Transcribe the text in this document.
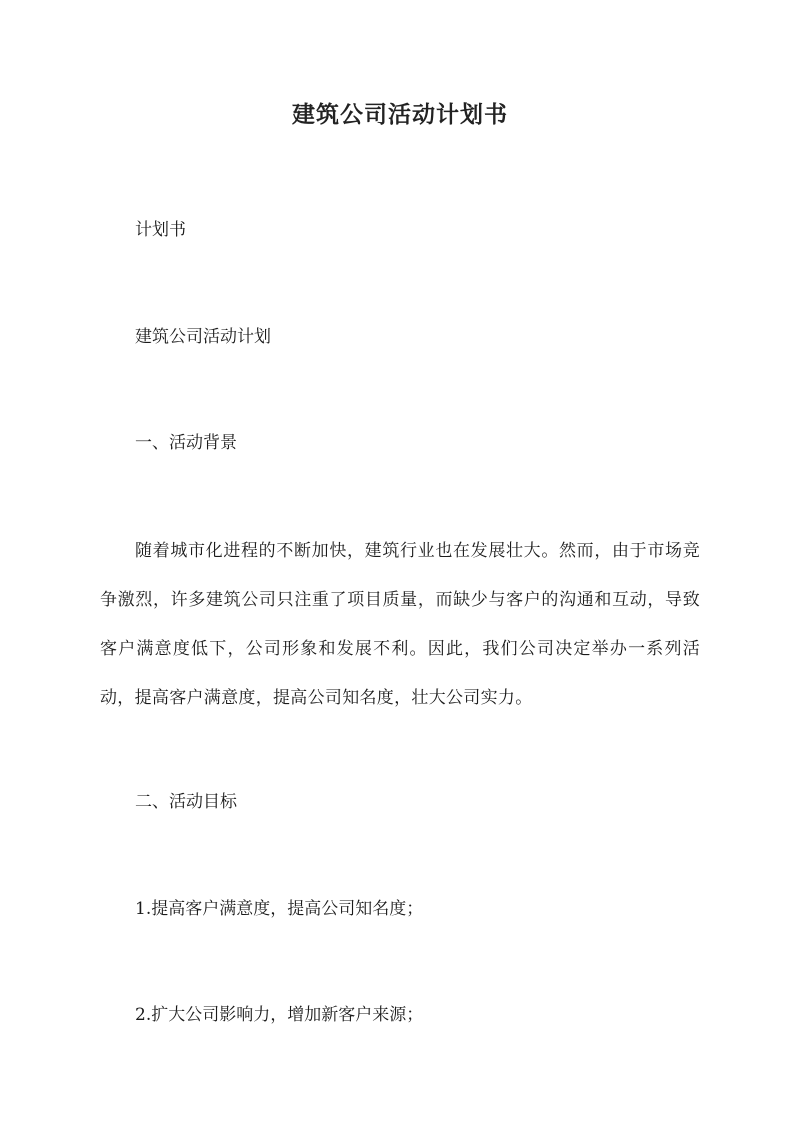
建筑公司活动计划书
计划书
建筑公司活动计划
一、活动背景
随着城市化进程的不断加快，建筑行业也在发展壮大。然而，由于市场竞争激烈，许多建筑公司只注重了项目质量，而缺少与客户的沟通和互动，导致客户满意度低下，公司形象和发展不利。因此，我们公司决定举办一系列活动，提高客户满意度，提高公司知名度，壮大公司实力。
二、活动目标
1.提高客户满意度，提高公司知名度；
2.扩大公司影响力，增加新客户来源；
